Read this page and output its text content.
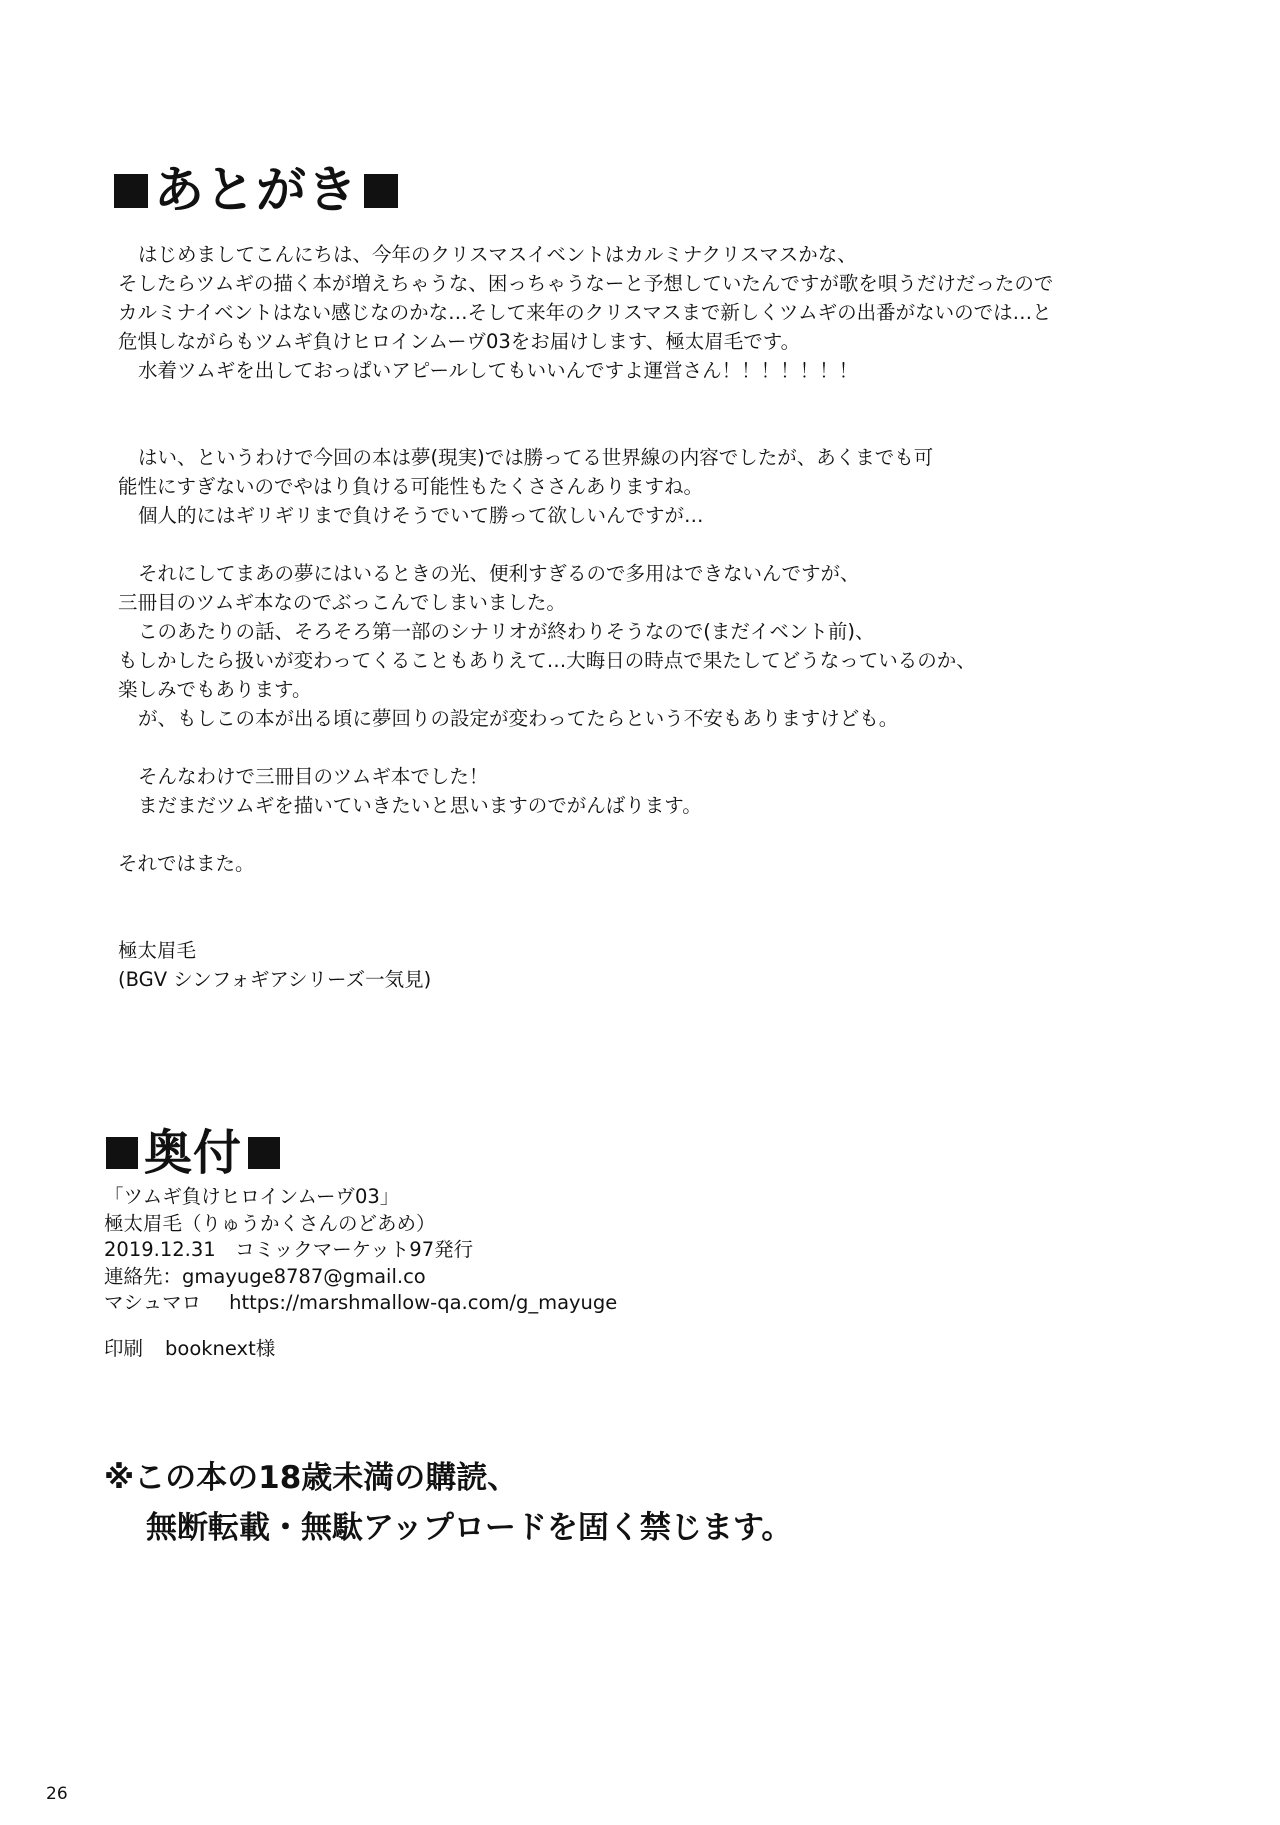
あとがき
はじめましてこんにちは、今年のクリスマスイベントはカルミナクリスマスかな、
そしたらツムギの描く本が増えちゃうな、困っちゃうなーと予想していたんですが歌を唄うだけだったので
カルミナイベントはない感じなのかな…そして来年のクリスマスまで新しくツムギの出番がないのでは…と
危惧しながらもツムギ負けヒロインムーヴ03をお届けします、極太眉毛です。
水着ツムギを出しておっぱいアピールしてもいいんですよ運営さん！！！！！！！
はい、というわけで今回の本は夢(現実)では勝ってる世界線の内容でしたが、あくまでも可
能性にすぎないのでやはり負ける可能性もたくささんありますね。
個人的にはギリギリまで負けそうでいて勝って欲しいんですが…
それにしてまあの夢にはいるときの光、便利すぎるので多用はできないんですが、
三冊目のツムギ本なのでぶっこんでしまいました。
このあたりの話、そろそろ第一部のシナリオが終わりそうなので(まだイベント前)、
もしかしたら扱いが変わってくることもありえて…大晦日の時点で果たしてどうなっているのか、
楽しみでもあります。
が、もしこの本が出る頃に夢回りの設定が変わってたらという不安もありますけども。
そんなわけで三冊目のツムギ本でした！
まだまだツムギを描いていきたいと思いますのでがんばります。
それではまた。
極太眉毛
(BGV シンフォギアシリーズ一気見)
奥付
「ツムギ負けヒロインムーヴ03」
極太眉毛（りゅうかくさんのどあめ）
2019.12.31　コミックマーケット97発行
連絡先：gmayuge8787@gmail.co
マシュマロ https://marshmallow-qa.com/g_mayuge
印刷 booknext様
※この本の18歳未満の購読、
無断転載・無駄アップロードを固く禁じます。
26
